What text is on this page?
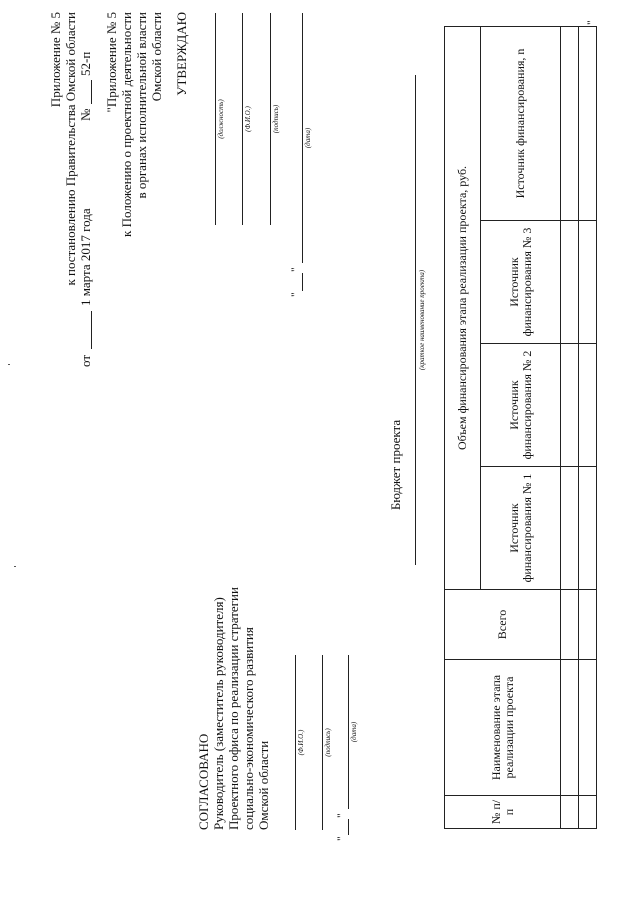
Приложение № 5 к постановлению Правительства Омской области
от
1 марта 2017 года
№
52-п "Приложение № 5 к Положению о проектной деятельности в органах исполнительной власти Омской области УТВЕРЖДАЮ
(должность)	(Ф.И.О.)	(подпись)
"
"
(дата)
СОГЛАСОВАНО Руководитель (заместитель руководителя) Проектного офиса по реализации стратегии социально-экономического развития Омской области	(Ф.И.О.)	(подпись)
"
"
(дата)
Бюджет проекта
(краткое наименование проекта)
№ п/п	Наименование этапа реализации проекта	Всего	Объем финансирования этапа реализации проекта, руб.			
			Источник финансирования № 1	Источник финансирования № 2	Источник финансирования № 3	Источник финансирования, n

"
